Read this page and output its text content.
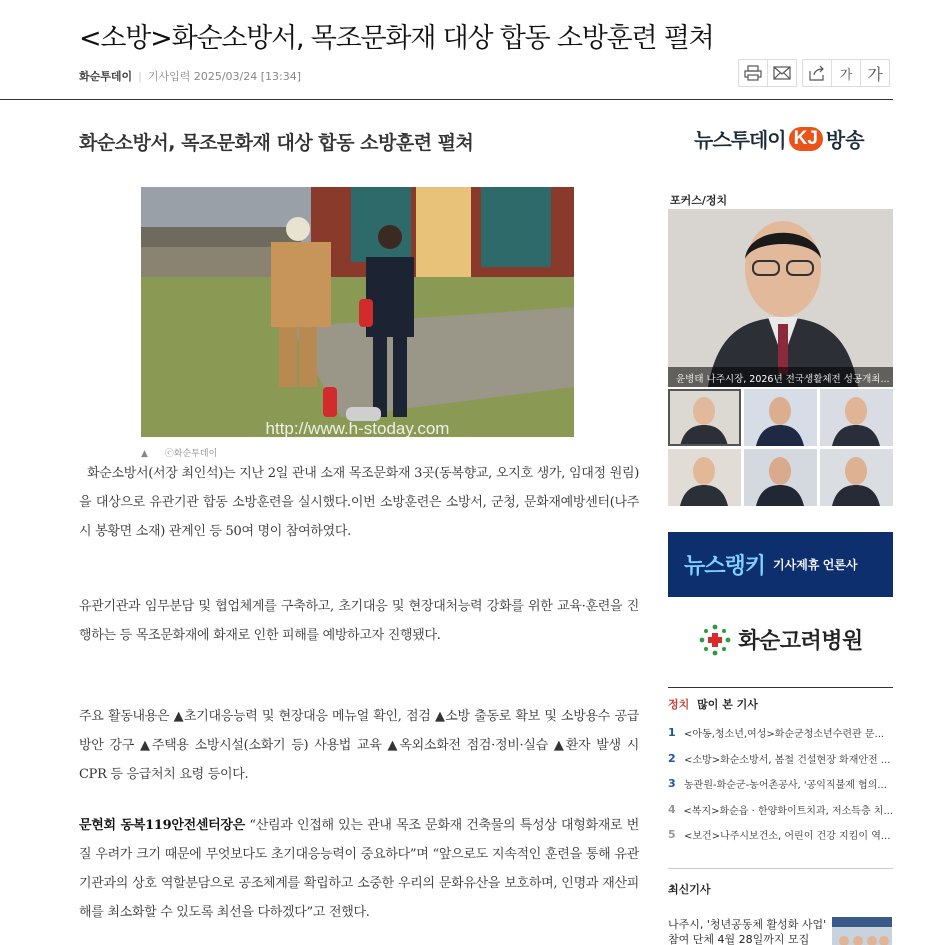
<소방>화순소방서, 목조문화재 대상 합동 소방훈련 펼쳐
화순투데이 | 기사입력 2025/03/24 [13:34]	가 가
화순소방서, 목조문화재 대상 합동 소방훈련 펼쳐
http://www.h-stoday.com
▲ ⓒ화순투데이

화순소방서(서장 최인석)는 지난 2일 관내 소재 목조문화재 3곳(동복향교, 오지호 생가, 임대정 원림)을 대상으로 유관기관 합동 소방훈련을 실시했다.이번 소방훈련은 소방서, 군청, 문화재예방센터(나주시 봉황면 소재) 관계인 등 50여 명이 참여하였다.

유관기관과 임무분담 및 협업체계를 구축하고, 초기대응 및 현장대처능력 강화를 위한 교육·훈련을 진행하는 등 목조문화재에 화재로 인한 피해를 예방하고자 진행됐다.

주요 활동내용은 ▲초기대응능력 및 현장대응 메뉴얼 확인, 점검 ▲소방 출동로 확보 및 소방용수 공급 방안 강구 ▲주택용 소방시설(소화기 등) 사용법 교육 ▲옥외소화전 점검·정비·실습 ▲환자 발생 시 CPR 등 응급처치 요령 등이다.

문현회 동복119안전센터장은 “산림과 인접해 있는 관내 목조 문화재 건축물의 특성상 대형화재로 번질 우려가 크기 때문에 무엇보다도 초기대응능력이 중요하다”며 “앞으로도 지속적인 훈련을 통해 유관기관과의 상호 역할분담으로 공조체계를 확립하고 소중한 우리의 문화유산을 보호하며, 인명과 재산피해를 최소화할 수 있도록 최선을 다하겠다”고 전했다.

뉴스투데이 KJ 방송
포커스/정치
윤병태 나주시장, 2026년 전국생활체전 성공개최...
뉴스랭키 기사제휴 언론사
화순고려병원
정치 많이 본 기사
1 <아동,청소년,여성>화순군청소년수련관 문...
2 <소방>화순소방서, 봄철 건설현장 화재안전 ...
3 농관원-화순군-농어촌공사, '공익직불제 협의...
4 <복지>화순읍 · 한양화이트치과, 저소득층 치...
5 <보건>나주시보건소, 어린이 건강 지킴이 역...
최신기사
나주시, '청년공동체 활성화 사업' 참여 단체 4월 28일까지 모집
